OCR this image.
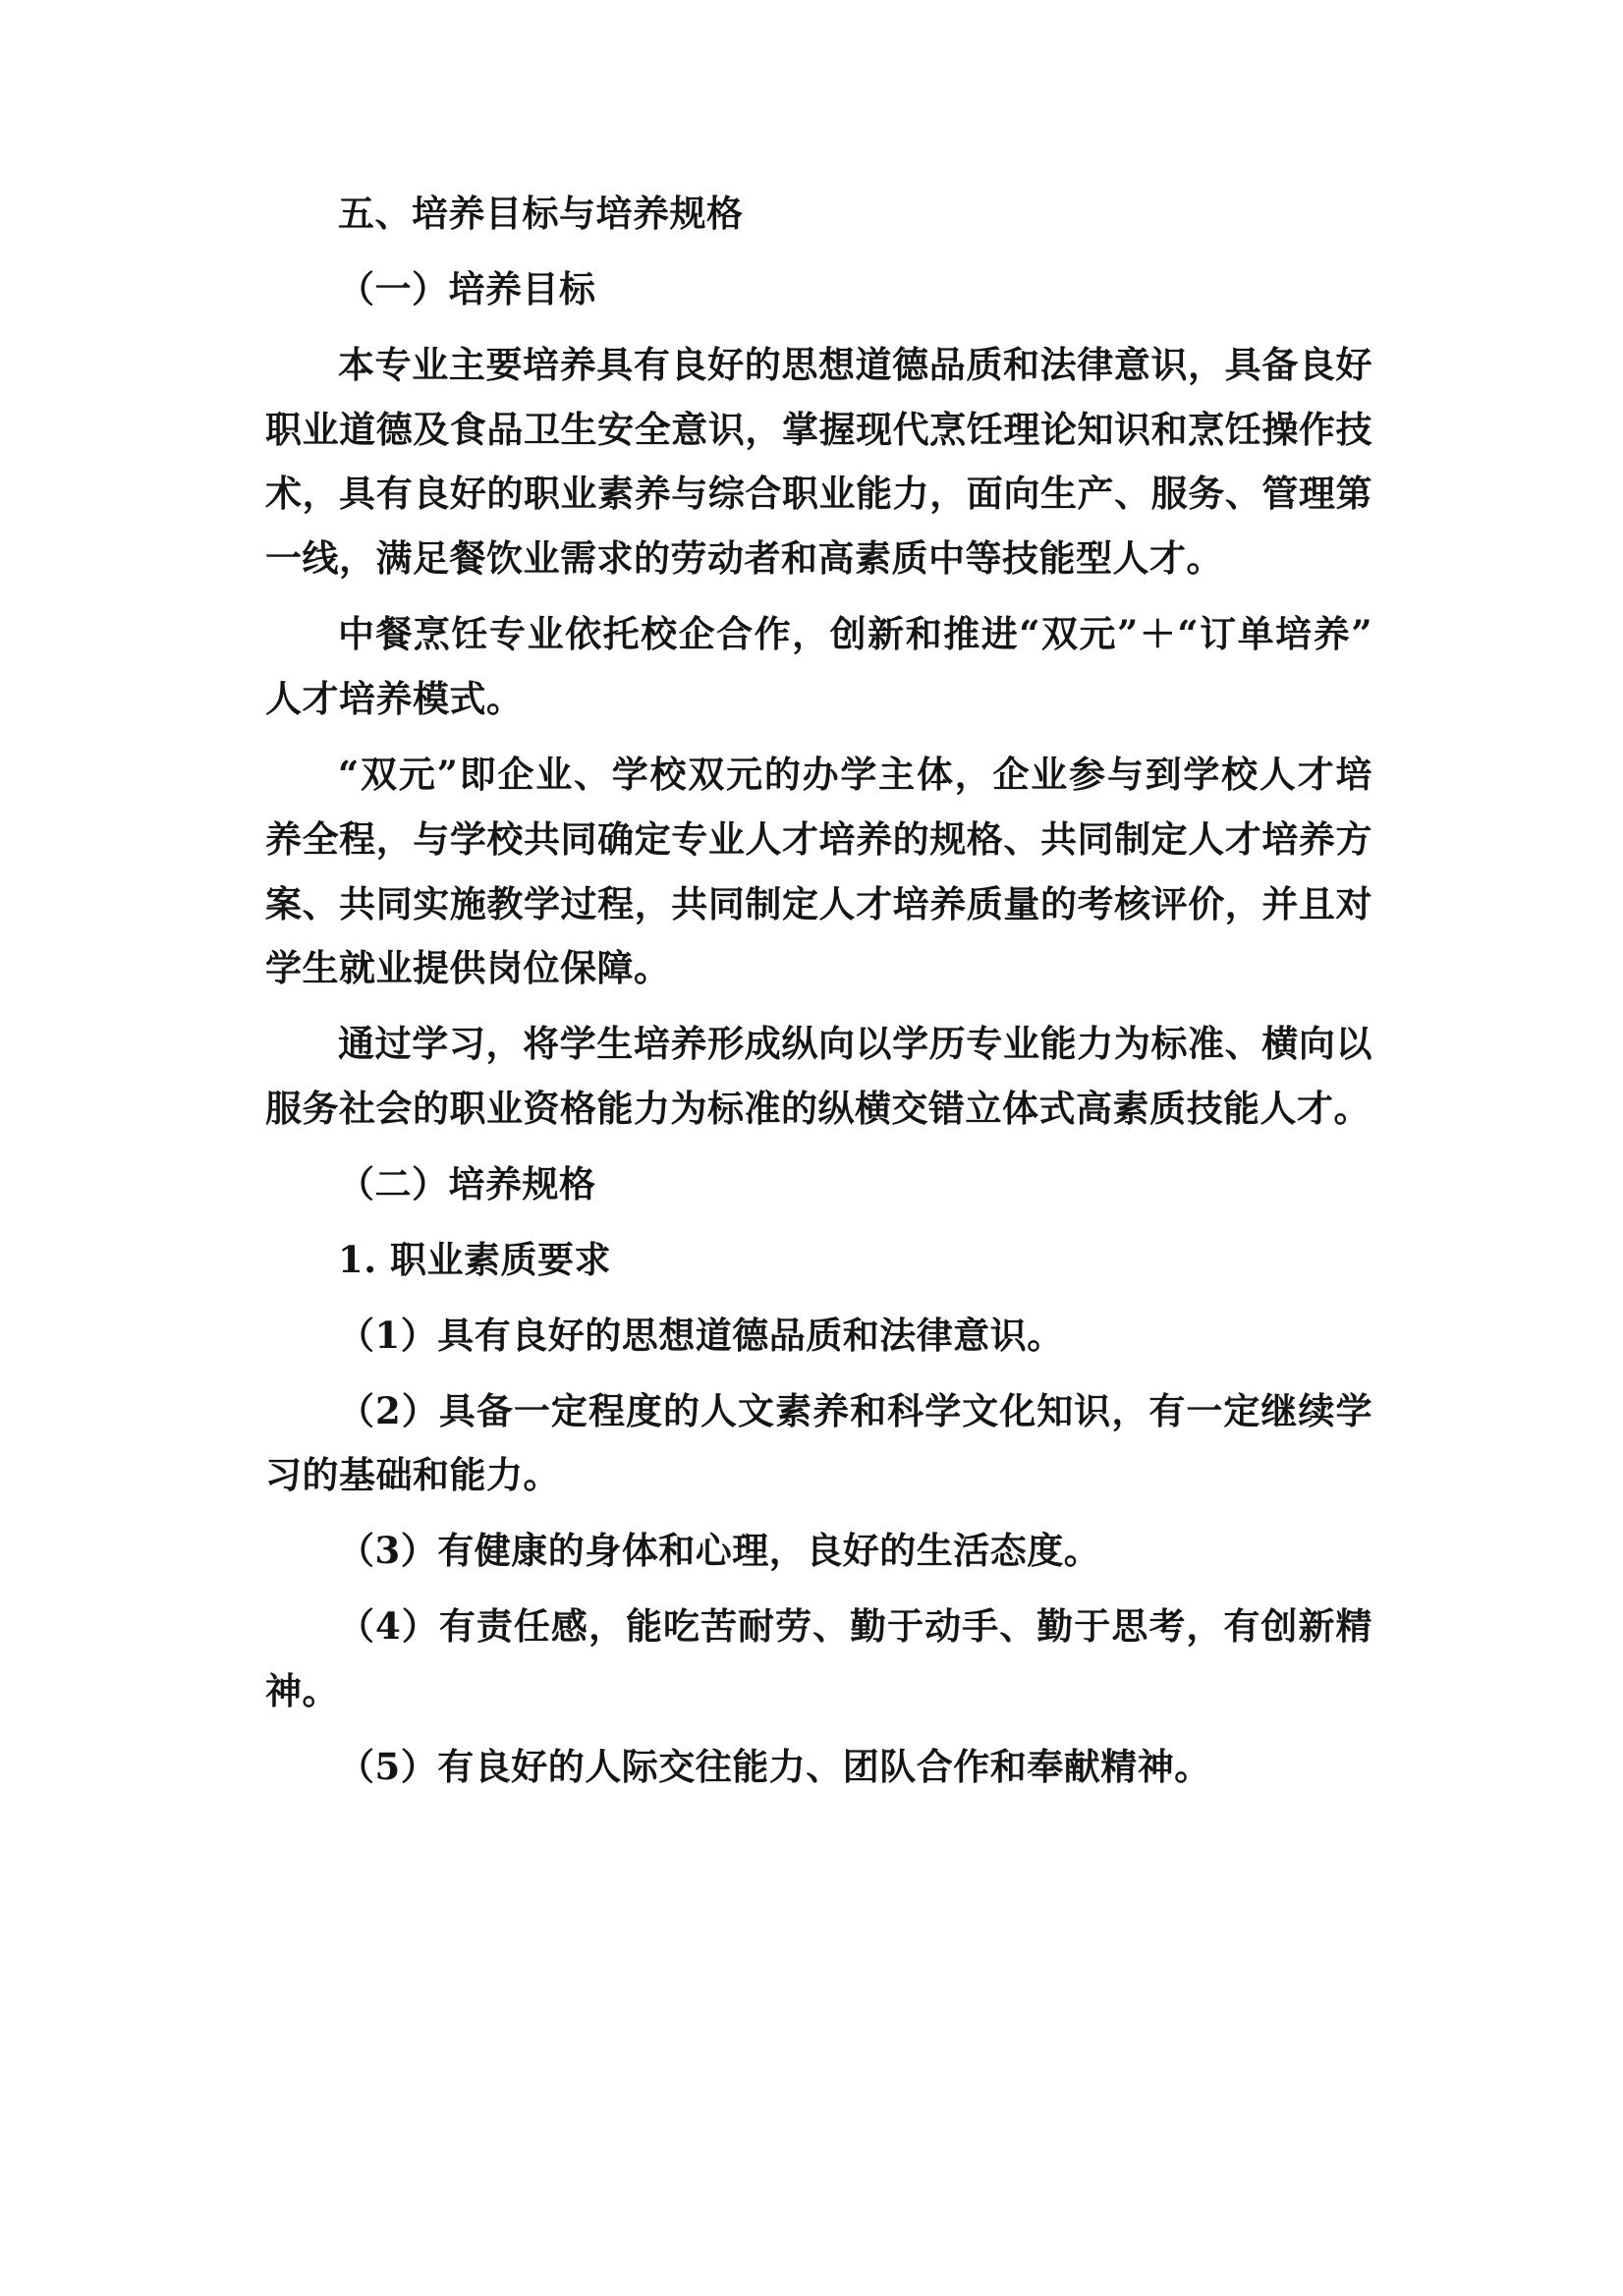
五、培养目标与培养规格

（一）培养目标

本专业主要培养具有良好的思想道德品质和法律意识，具备良好职业道德及食品卫生安全意识，掌握现代烹饪理论知识和烹饪操作技术，具有良好的职业素养与综合职业能力，面向生产、服务、管理第一线，满足餐饮业需求的劳动者和高素质中等技能型人才。

中餐烹饪专业依托校企合作，创新和推进“双元”＋“订单培养”人才培养模式。

“双元”即企业、学校双元的办学主体，企业参与到学校人才培养全程，与学校共同确定专业人才培养的规格、共同制定人才培养方案、共同实施教学过程，共同制定人才培养质量的考核评价，并且对学生就业提供岗位保障。

通过学习，将学生培养形成纵向以学历专业能力为标准、横向以服务社会的职业资格能力为标准的纵横交错立体式高素质技能人才。

（二）培养规格

1. 职业素质要求

（1）具有良好的思想道德品质和法律意识。

（2）具备一定程度的人文素养和科学文化知识，有一定继续学习的基础和能力。

（3）有健康的身体和心理，良好的生活态度。

（4）有责任感，能吃苦耐劳、勤于动手、勤于思考，有创新精神。

（5）有良好的人际交往能力、团队合作和奉献精神。
